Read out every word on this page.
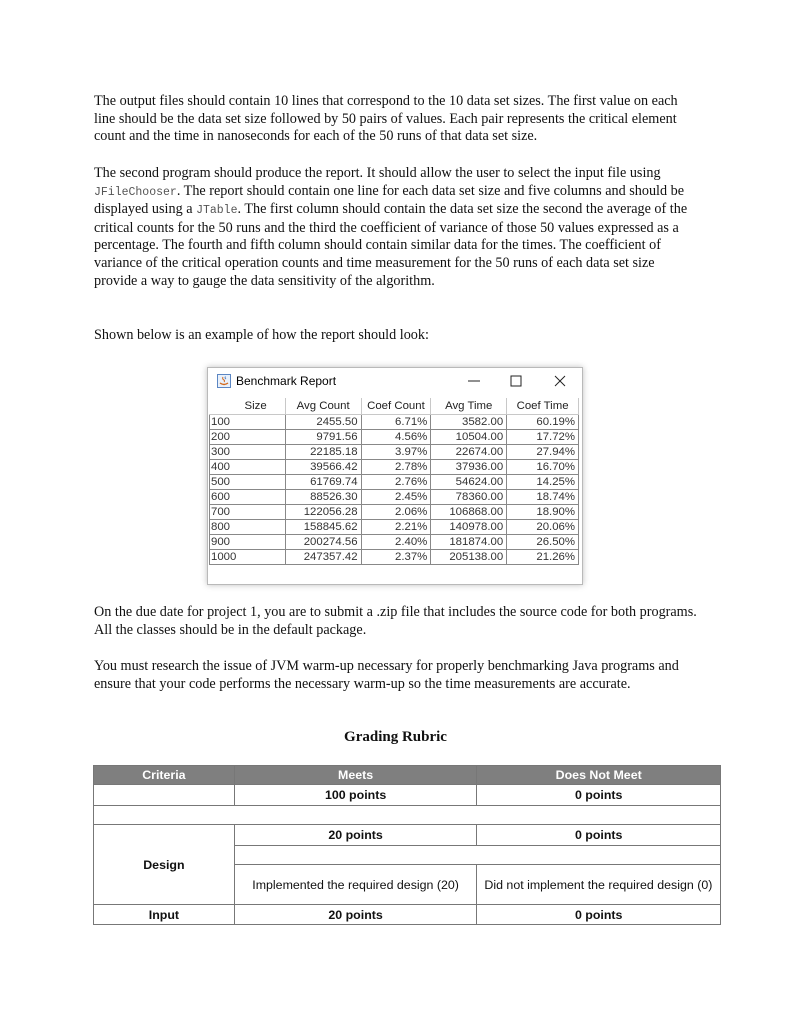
The output files should contain 10 lines that correspond to the 10 data set sizes. The first value on each line should be the data set size followed by 50 pairs of values. Each pair represents the critical element count and the time in nanoseconds for each of the 50 runs of that data set size.

The second program should produce the report. It should allow the user to select the input file using JFileChooser. The report should contain one line for each data set size and five columns and should be displayed using a JTable. The first column should contain the data set size the second the average of the critical counts for the 50 runs and the third the coefficient of variance of those 50 values expressed as a percentage. The fourth and fifth column should contain similar data for the times. The coefficient of variance of the critical operation counts and time measurement for the 50 runs of each data set size provide a way to gauge the data sensitivity of the algorithm.

Shown below is an example of how the report should look:

Benchmark Report
Size	Avg Count	Coef Count	Avg Time	Coef Time
100	2455.50	6.71%	3582.00	60.19%
200	9791.56	4.56%	10504.00	17.72%
300	22185.18	3.97%	22674.00	27.94%
400	39566.42	2.78%	37936.00	16.70%
500	61769.74	2.76%	54624.00	14.25%
600	88526.30	2.45%	78360.00	18.74%
700	122056.28	2.06%	106868.00	18.90%
800	158845.62	2.21%	140978.00	20.06%
900	200274.56	2.40%	181874.00	26.50%
1000	247357.42	2.37%	205138.00	21.26%

On the due date for project 1, you are to submit a .zip file that includes the source code for both programs. All the classes should be in the default package.

You must research the issue of JVM warm-up necessary for properly benchmarking Java programs and ensure that your code performs the necessary warm-up so the time measurements are accurate.

Grading Rubric
Criteria	Meets	Does Not Meet
	100 points	0 points

Design	20 points	0 points

	Implemented the required design (20)	Did not implement the required design (0)
Input	20 points	0 points
